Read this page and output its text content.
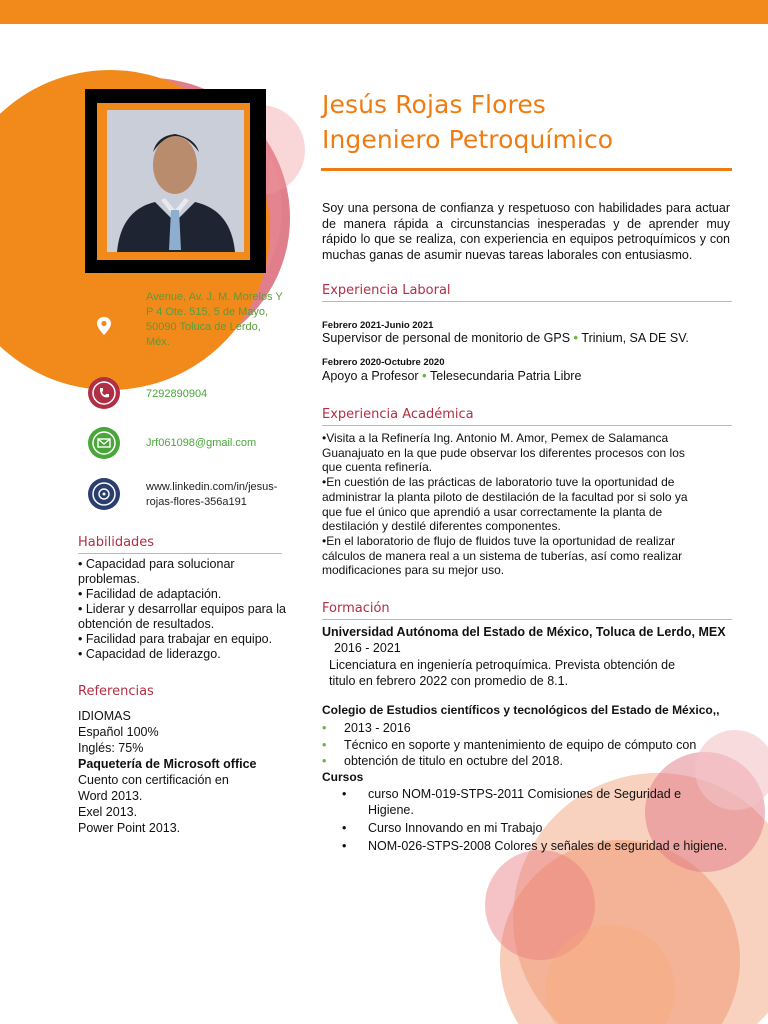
Jesús Rojas Flores
Ingeniero Petroquímico
Soy una persona de confianza y respetuoso con habilidades para actuar de manera rápida a circunstancias inesperadas y de aprender muy rápido lo que se realiza, con experiencia en equipos petroquímicos y con muchas ganas de asumir nuevas tareas laborales con entusiasmo.
Avenue, Av. J. M. Morelos Y P 4 Ote. 515, 5 de Mayo, 50090 Toluca de Lerdo, Méx.
7292890904
Jrf061098@gmail.com
www.linkedin.com/in/jesus-rojas-flores-356a191
Habilidades
• Capacidad para solucionar problemas.
• Facilidad de adaptación.
• Liderar y desarrollar equipos para la obtención de resultados.
• Facilidad para trabajar en equipo.
• Capacidad de liderazgo.
Referencias
IDIOMAS
Español 100%
Inglés: 75%
Paquetería de Microsoft office
Cuento con certificación en Word 2013.
Exel 2013.
Power Point 2013.
Experiencia Laboral
Febrero 2021-Junio 2021
Supervisor de personal de monitorio de GPS • Trinium, SA DE SV.
Febrero 2020-Octubre 2020
Apoyo a Profesor • Telesecundaria Patria Libre
Experiencia Académica
•Visita a la Refinería Ing. Antonio M. Amor, Pemex de Salamanca Guanajuato en la que pude observar los diferentes procesos con los que cuenta refinería.
•En cuestión de las prácticas de laboratorio tuve la oportunidad de administrar la planta piloto de destilación de la facultad por si solo ya que fue el único que aprendió a usar correctamente la planta de destilación y destilé diferentes componentes.
•En el laboratorio de flujo de fluidos tuve la oportunidad de realizar cálculos de manera real a un sistema de tuberías, así como realizar modificaciones para su mejor uso.
Formación
Universidad Autónoma del Estado de México, Toluca de Lerdo, MEX
2016 - 2021
Licenciatura en ingeniería petroquímica. Prevista obtención de titulo en febrero 2022 con promedio de 8.1.
Colegio de Estudios científicos y tecnológicos del Estado de México,,
• 2013 - 2016
• Técnico en soporte y mantenimiento de equipo de cómputo con
• obtención de titulo en octubre del 2018.
Cursos
• curso NOM-019-STPS-2011 Comisiones de Seguridad e Higiene.
• Curso Innovando en mi Trabajo
• NOM-026-STPS-2008 Colores y señales de seguridad e higiene.
